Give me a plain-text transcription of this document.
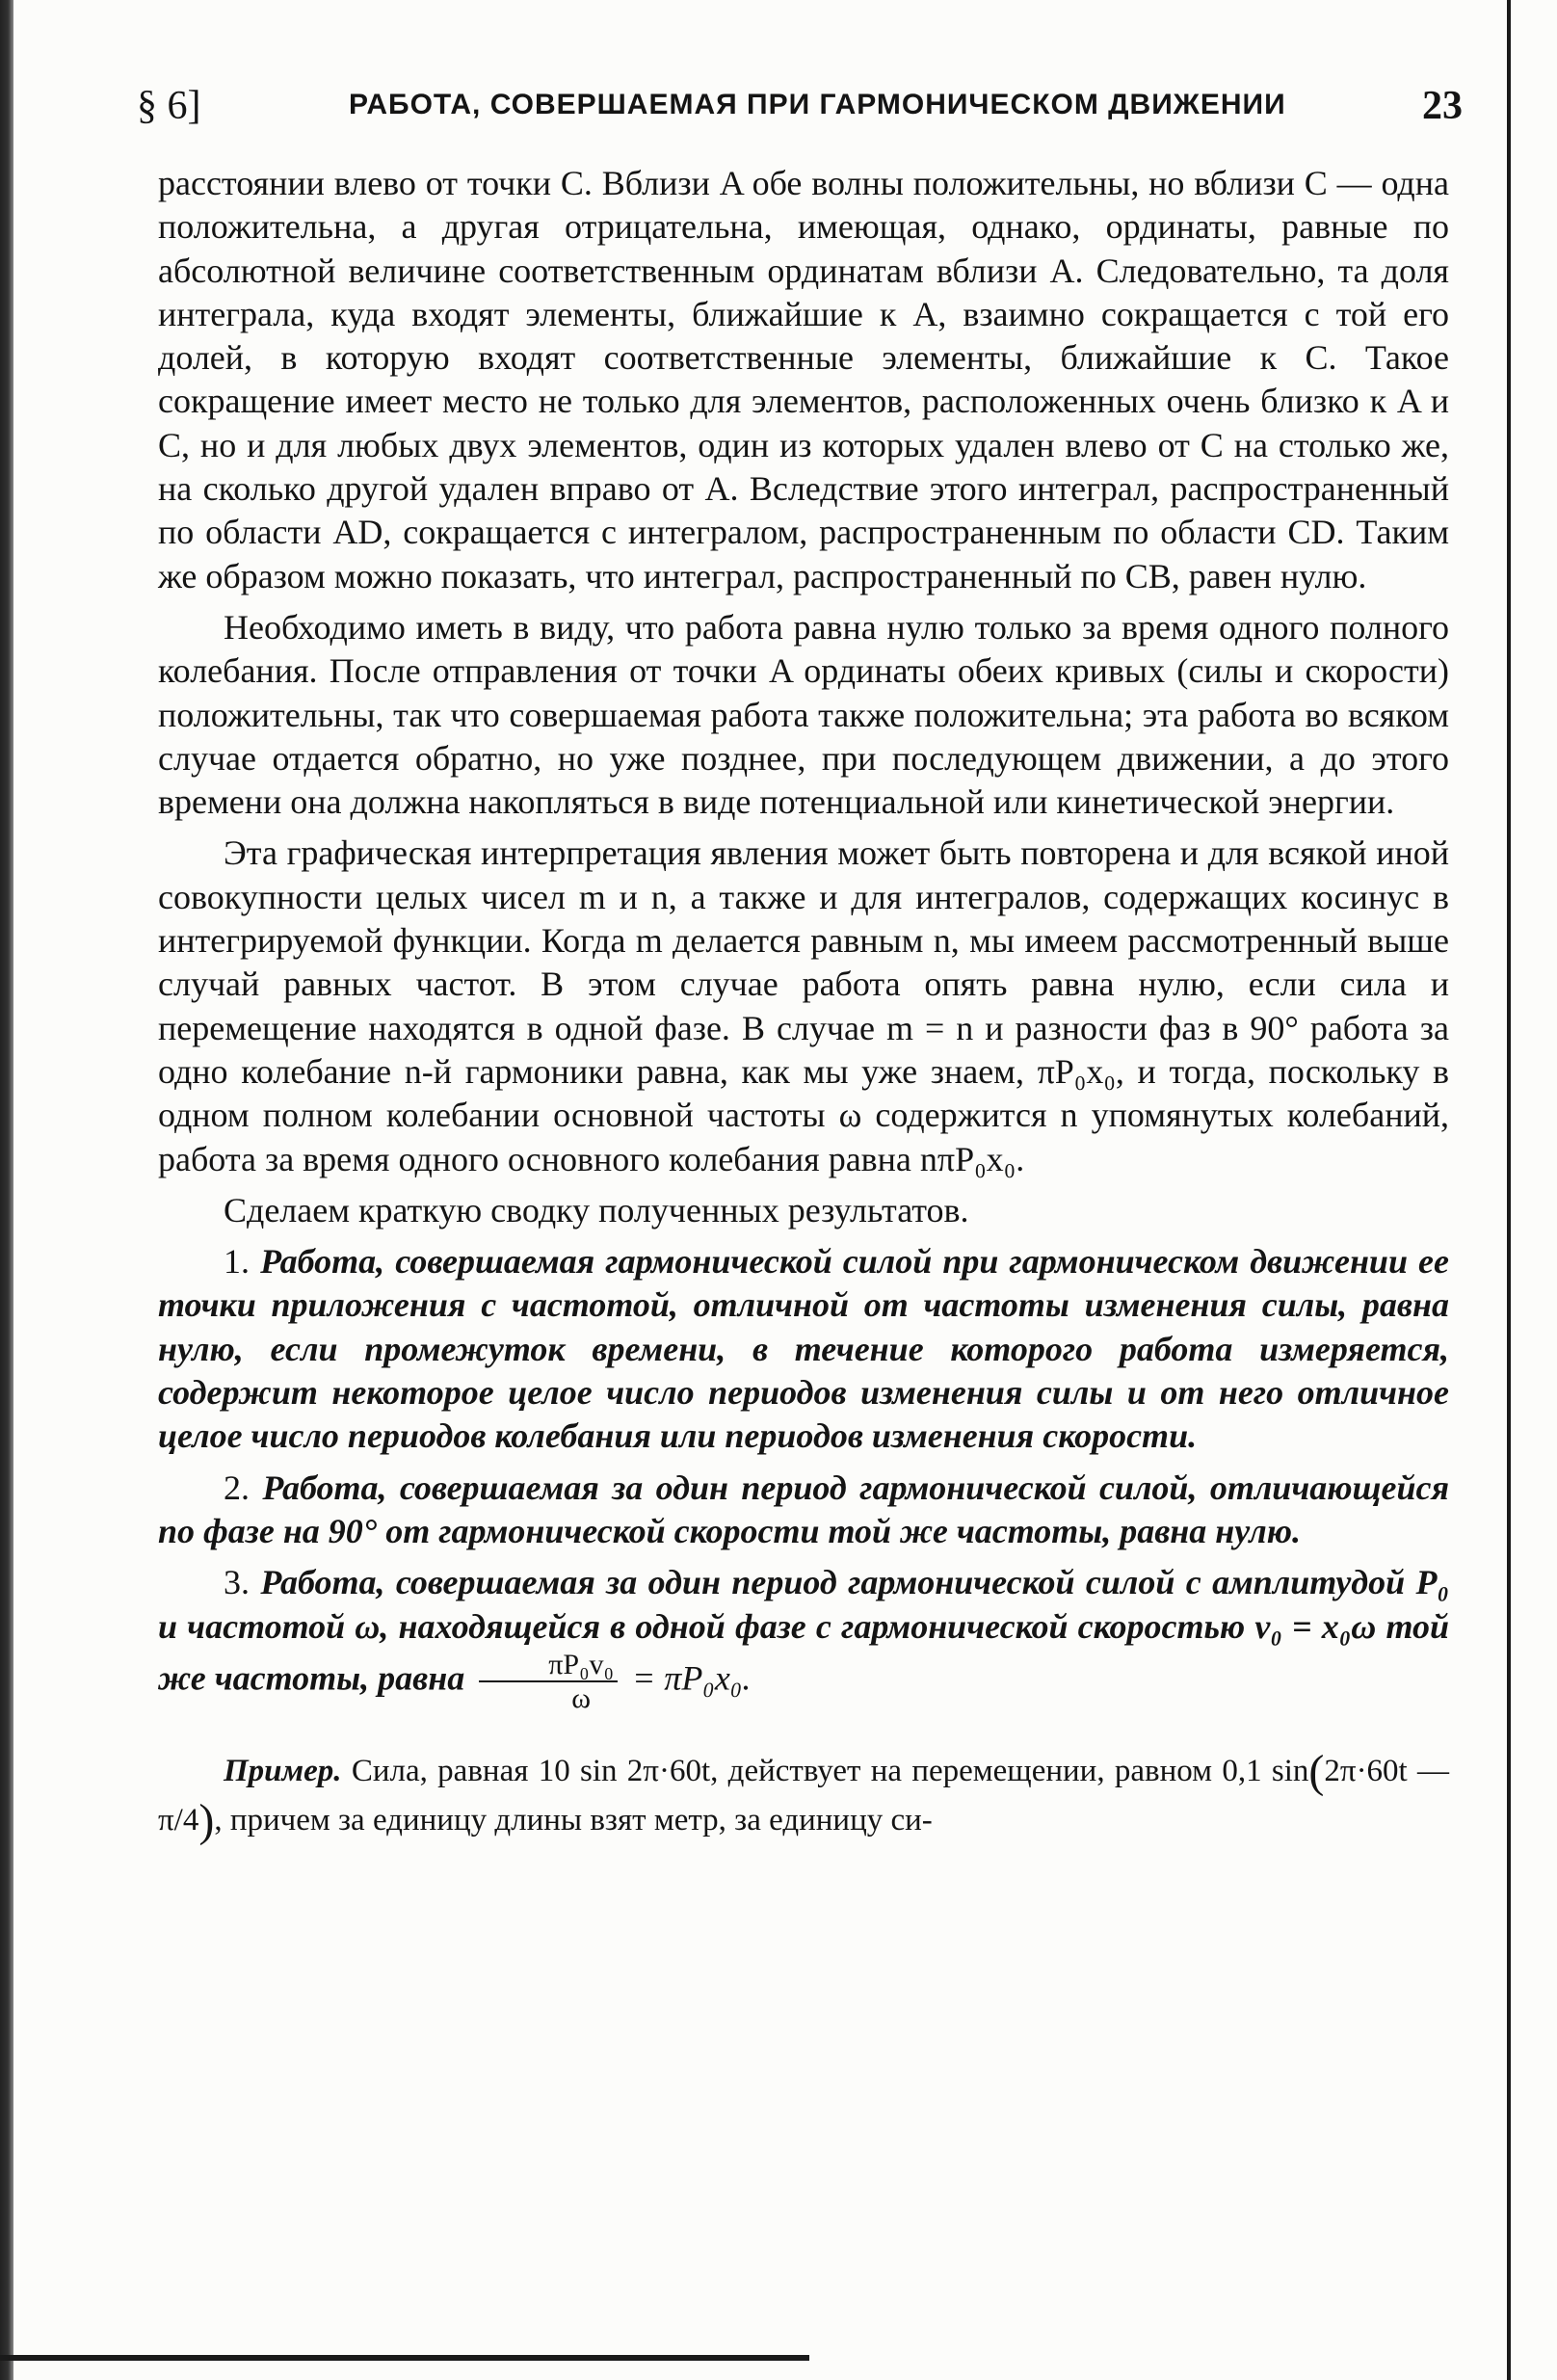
§ 6]	РАБОТА, СОВЕРШАЕМАЯ ПРИ ГАРМОНИЧЕСКОМ ДВИЖЕНИИ	23

расстоянии влево от точки C. Вблизи A обе волны положительны, но вблизи C — одна положительна, а другая отрицательна, имеющая, однако, ординаты, равные по абсолютной величине соответственным ординатам вблизи A. Следовательно, та доля интеграла, куда входят элементы, ближайшие к A, взаимно сокращается с той его долей, в которую входят соответственные элементы, ближайшие к C. Такое сокращение имеет место не только для элементов, расположенных очень близко к A и C, но и для любых двух элементов, один из которых удален влево от C на столько же, на сколько другой удален вправо от A. Вследствие этого интеграл, распространенный по области AD, сокращается с интегралом, распространенным по области CD. Таким же образом можно показать, что интеграл, распространенный по CB, равен нулю.

Необходимо иметь в виду, что работа равна нулю только за время одного полного колебания. После отправления от точки A ординаты обеих кривых (силы и скорости) положительны, так что совершаемая работа также положительна; эта работа во всяком случае отдается обратно, но уже позднее, при последующем движении, а до этого времени она должна накопляться в виде потенциальной или кинетической энергии.

Эта графическая интерпретация явления может быть повторена и для всякой иной совокупности целых чисел m и n, а также и для интегралов, содержащих косинус в интегрируемой функции. Когда m делается равным n, мы имеем рассмотренный выше случай равных частот. В этом случае работа опять равна нулю, если сила и перемещение находятся в одной фазе. В случае m = n и разности фаз в 90° работа за одно колебание n-й гармоники равна, как мы уже знаем, πP₀x₀, и тогда, поскольку в одном полном колебании основной частоты ω содержится n упомянутых колебаний, работа за время одного основного колебания равна nπP₀x₀.

Сделаем краткую сводку полученных результатов.

1. Работа, совершаемая гармонической силой при гармоническом движении ее точки приложения с частотой, отличной от частоты изменения силы, равна нулю, если промежуток времени, в течение которого работа измеряется, содержит некоторое целое число периодов изменения силы и от него отличное целое число периодов колебания или периодов изменения скорости.

2. Работа, совершаемая за один период гармонической силой, отличающейся по фазе на 90° от гармонической скорости той же частоты, равна нулю.

3. Работа, совершаемая за один период гармонической силой с амплитудой P₀ и частотой ω, находящейся в одной фазе с гармонической скоростью v₀ = x₀ω той же частоты, равна $\frac{\text{πP₀v₀}}{\omega} = \pi P_0x_0$.

Пример. Сила, равная 10 sin 2π·60t, действует на перемещении, равном 0,1 sin(2π·60t — π/4), причем за единицу длины взят метр, за единицу си-
